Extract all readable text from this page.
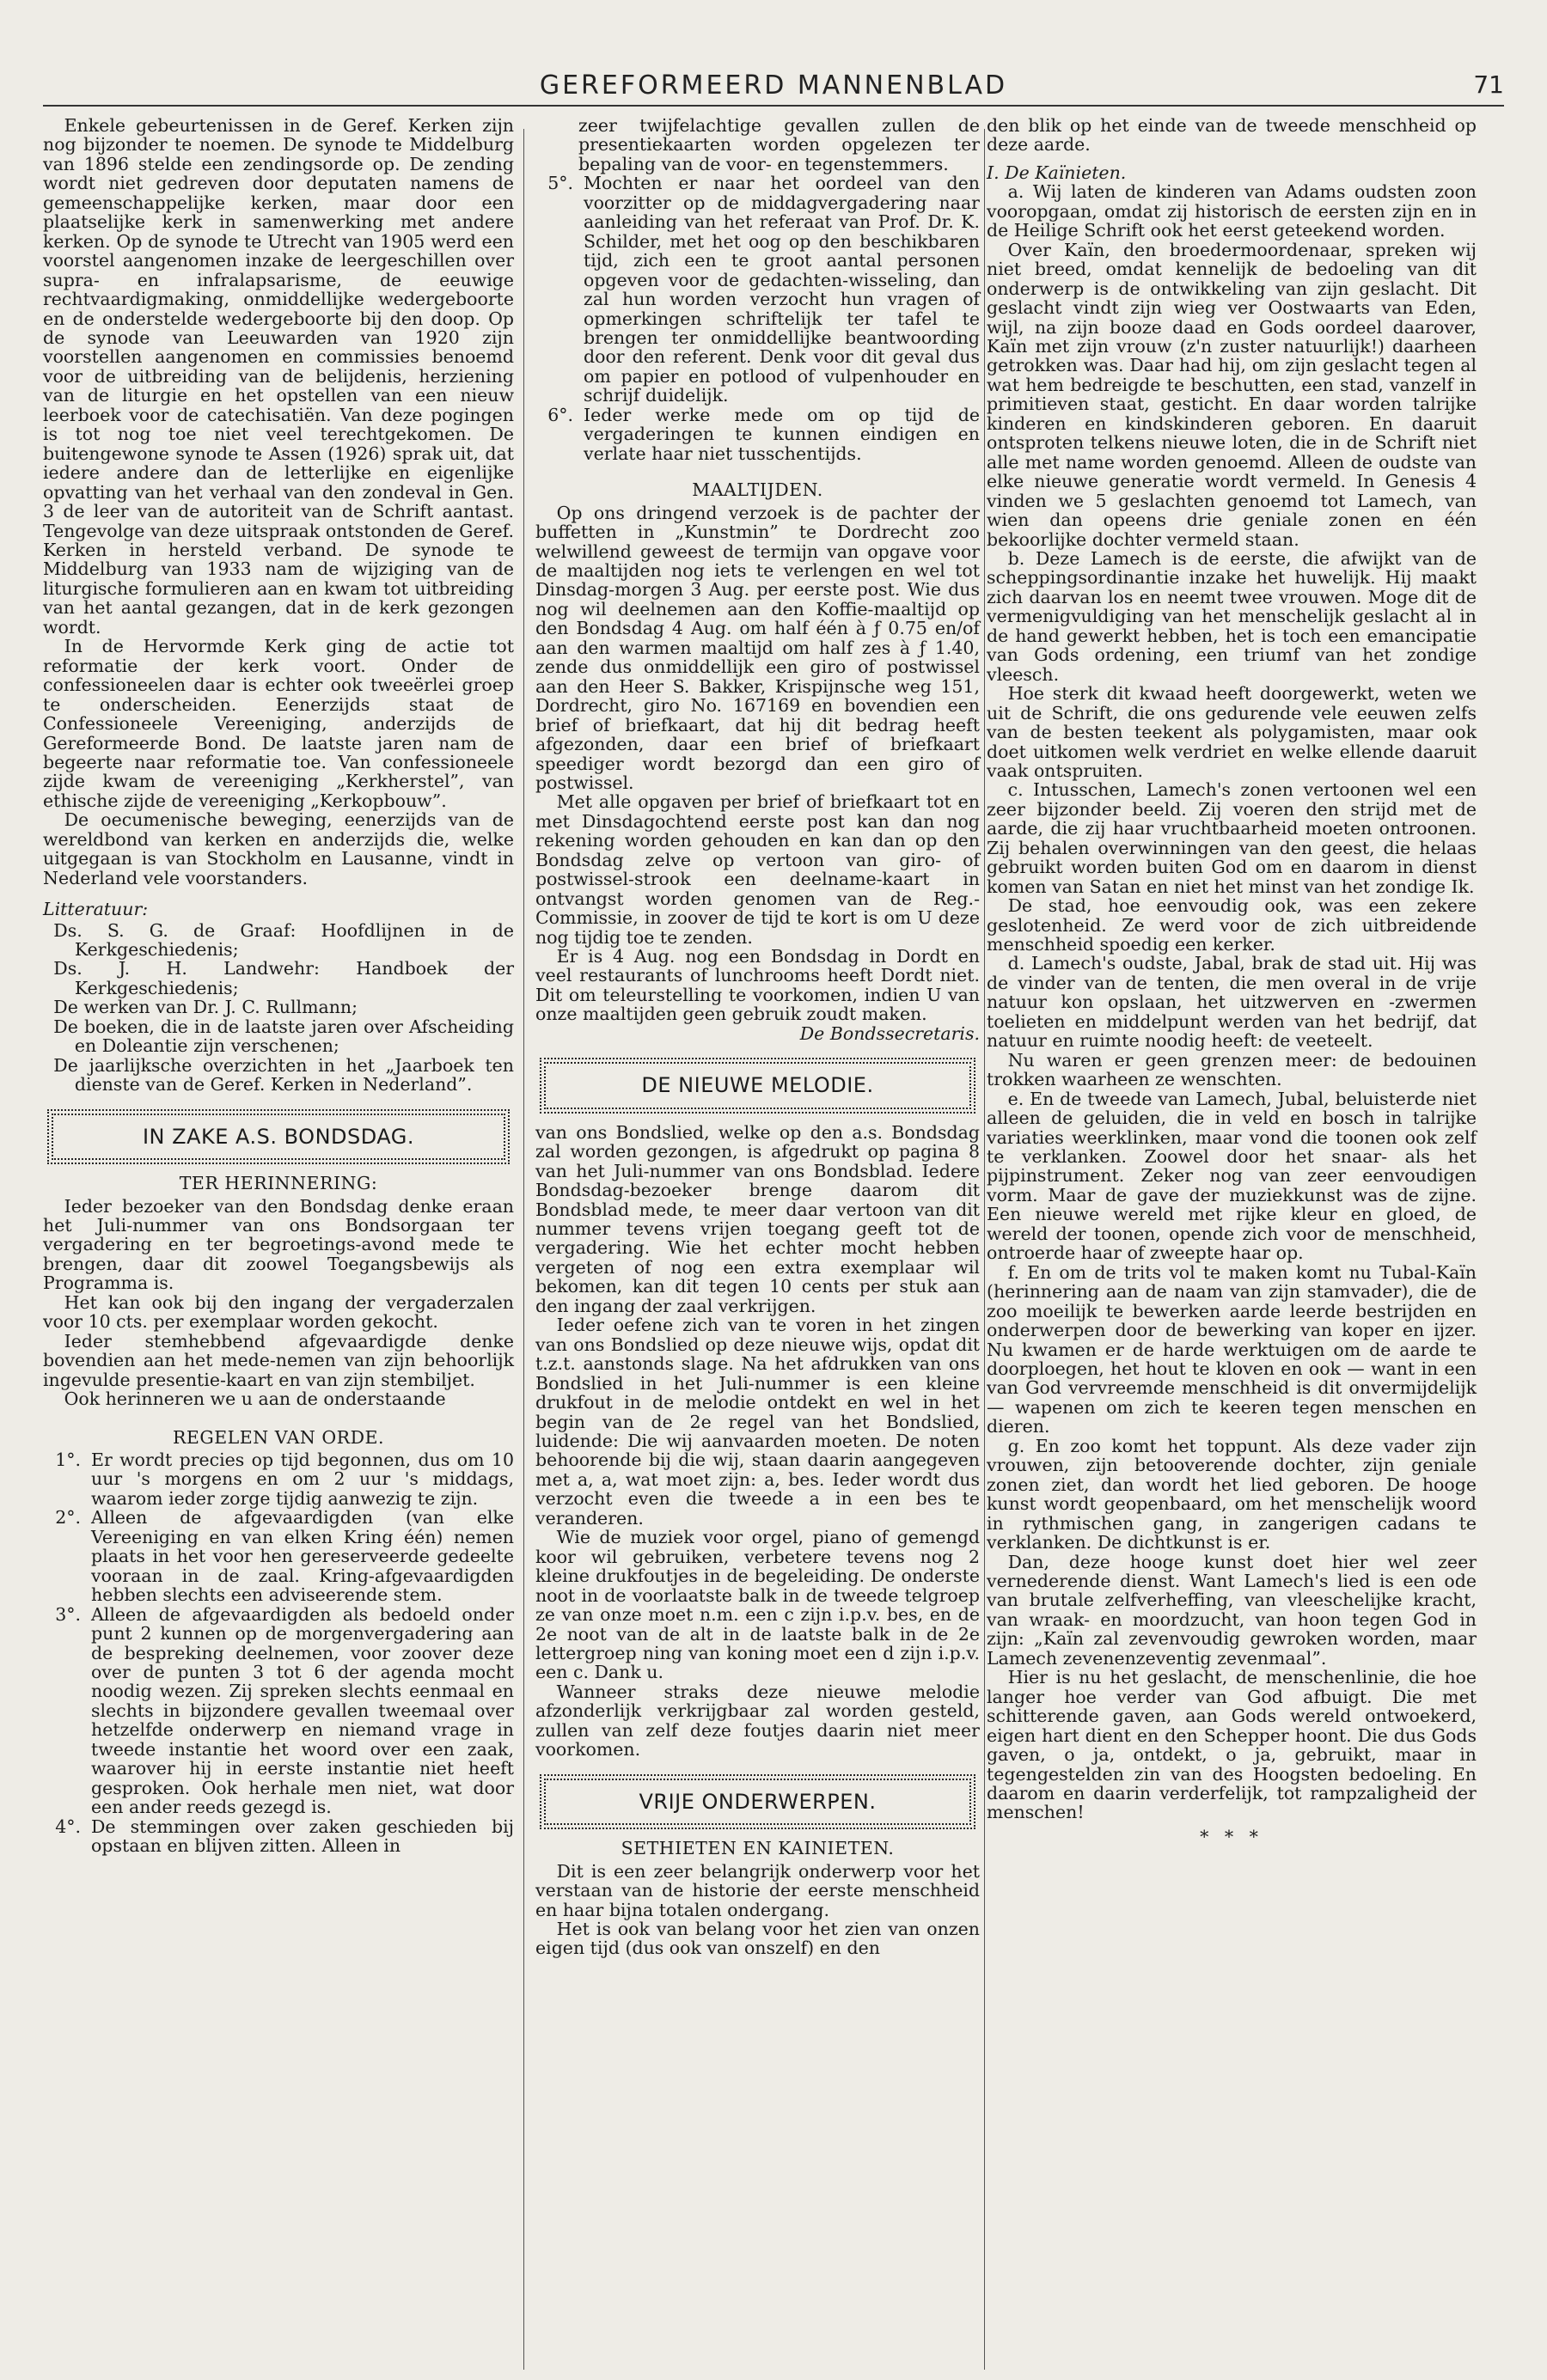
GEREFORMEERD MANNENBLAD	71

Enkele gebeurtenissen in de Geref. Kerken zijn nog bijzonder te noemen. De synode te Middelburg van 1896 stelde een zendingsorde op. De zending wordt niet gedreven door deputaten namens de gemeenschappelijke kerken, maar door een plaatselijke kerk in samenwerking met andere kerken. Op de synode te Utrecht van 1905 werd een voorstel aangenomen inzake de leergeschillen over supra- en infralapsarisme, de eeuwige rechtvaardigmaking, onmiddellijke wedergeboorte en de onderstelde wedergeboorte bij den doop. Op de synode van Leeuwarden van 1920 zijn voorstellen aangenomen en commissies benoemd voor de uitbreiding van de belijdenis, herziening van de liturgie en het opstellen van een nieuw leerboek voor de catechisatiën. Van deze pogingen is tot nog toe niet veel terechtgekomen. De buitengewone synode te Assen (1926) sprak uit, dat iedere andere dan de letterlijke en eigenlijke opvatting van het verhaal van den zondeval in Gen. 3 de leer van de autoriteit van de Schrift aantast. Tengevolge van deze uitspraak ontstonden de Geref. Kerken in hersteld verband. De synode te Middelburg van 1933 nam de wijziging van de liturgische formulieren aan en kwam tot uitbreiding van het aantal gezangen, dat in de kerk gezongen wordt.

In de Hervormde Kerk ging de actie tot reformatie der kerk voort. Onder de confessioneelen daar is echter ook tweeërlei groep te onderscheiden. Eenerzijds staat de Confessioneele Vereeniging, anderzijds de Gereformeerde Bond. De laatste jaren nam de begeerte naar reformatie toe. Van confessioneele zijde kwam de vereeniging „Kerkherstel”, van ethische zijde de vereeniging „Kerkopbouw”.

De oecumenische beweging, eenerzijds van de wereldbond van kerken en anderzijds die, welke uitgegaan is van Stockholm en Lausanne, vindt in Nederland vele voorstanders.

Litteratuur:

Ds. S. G. de Graaf: Hoofdlijnen in de Kerkgeschiedenis;

Ds. J. H. Landwehr: Handboek der Kerkgeschiedenis;

De werken van Dr. J. C. Rullmann;

De boeken, die in de laatste jaren over Afscheiding en Doleantie zijn verschenen;

De jaarlijksche overzichten in het „Jaarboek ten dienste van de Geref. Kerken in Nederland”.

IN ZAKE A.S. BONDSDAG.

TER HERINNERING:

Ieder bezoeker van den Bondsdag denke eraan het Juli-nummer van ons Bondsorgaan ter vergadering en ter begroetings-avond mede te brengen, daar dit zoowel Toegangsbewijs als Programma is.

Het kan ook bij den ingang der vergaderzalen voor 10 cts. per exemplaar worden gekocht.

Ieder stemhebbend afgevaardigde denke bovendien aan het mede-nemen van zijn behoorlijk ingevulde presentie-kaart en van zijn stembiljet.

Ook herinneren we u aan de onderstaande

REGELEN VAN ORDE.

1°. Er wordt precies op tijd begonnen, dus om 10 uur 's morgens en om 2 uur 's middags, waarom ieder zorge tijdig aanwezig te zijn.
2°. Alleen de afgevaardigden (van elke Vereeniging en van elken Kring één) nemen plaats in het voor hen gereserveerde gedeelte vooraan in de zaal. Kring-afgevaardigden hebben slechts een adviseerende stem.
3°. Alleen de afgevaardigden als bedoeld onder punt 2 kunnen op de morgenvergadering aan de bespreking deelnemen, voor zoover deze over de punten 3 tot 6 der agenda mocht noodig wezen. Zij spreken slechts eenmaal en slechts in bijzondere gevallen tweemaal over hetzelfde onderwerp en niemand vrage in tweede instantie het woord over een zaak, waarover hij in eerste instantie niet heeft gesproken. Ook herhale men niet, wat door een ander reeds gezegd is.
4°. De stemmingen over zaken geschieden bij opstaan en blijven zitten. Alleen in

zeer twijfelachtige gevallen zullen de presentiekaarten worden opgelezen ter bepaling van de voor- en tegenstemmers.

5°. Mochten er naar het oordeel van den voorzitter op de middagvergadering naar aanleiding van het referaat van Prof. Dr. K. Schilder, met het oog op den beschikbaren tijd, zich een te groot aantal personen opgeven voor de gedachten-wisseling, dan zal hun worden verzocht hun vragen of opmerkingen schriftelijk ter tafel te brengen ter onmiddellijke beantwoording door den referent. Denk voor dit geval dus om papier en potlood of vulpenhouder en schrijf duidelijk.
6°. Ieder werke mede om op tijd de vergaderingen te kunnen eindigen en verlate haar niet tusschentijds.

MAALTIJDEN.

Op ons dringend verzoek is de pachter der buffetten in „Kunstmin” te Dordrecht zoo welwillend geweest de termijn van opgave voor de maaltijden nog iets te verlengen en wel tot Dinsdag-morgen 3 Aug. per eerste post. Wie dus nog wil deelnemen aan den Koffie-maaltijd op den Bondsdag 4 Aug. om half één à ƒ 0.75 en/of aan den warmen maaltijd om half zes à ƒ 1.40, zende dus onmiddellijk een giro of postwissel aan den Heer S. Bakker, Krispijnsche weg 151, Dordrecht, giro No. 167169 en bovendien een brief of briefkaart, dat hij dit bedrag heeft afgezonden, daar een brief of briefkaart speediger wordt bezorgd dan een giro of postwissel.

Met alle opgaven per brief of briefkaart tot en met Dinsdagochtend eerste post kan dan nog rekening worden gehouden en kan dan op den Bondsdag zelve op vertoon van giro- of postwissel-strook een deelname-kaart in ontvangst worden genomen van de Reg.-Commissie, in zoover de tijd te kort is om U deze nog tijdig toe te zenden.

Er is 4 Aug. nog een Bondsdag in Dordt en veel restaurants of lunchrooms heeft Dordt niet. Dit om teleurstelling te voorkomen, indien U van onze maaltijden geen gebruik zoudt maken.

De Bondssecretaris.

DE NIEUWE MELODIE.

van ons Bondslied, welke op den a.s. Bondsdag zal worden gezongen, is afgedrukt op pagina 8 van het Juli-nummer van ons Bondsblad. Iedere Bondsdag-bezoeker brenge daarom dit Bondsblad mede, te meer daar vertoon van dit nummer tevens vrijen toegang geeft tot de vergadering. Wie het echter mocht hebben vergeten of nog een extra exemplaar wil bekomen, kan dit tegen 10 cents per stuk aan den ingang der zaal verkrijgen.

Ieder oefene zich van te voren in het zingen van ons Bondslied op deze nieuwe wijs, opdat dit t.z.t. aanstonds slage. Na het afdrukken van ons Bondslied in het Juli-nummer is een kleine drukfout in de melodie ontdekt en wel in het begin van de 2e regel van het Bondslied, luidende: Die wij aanvaarden moeten. De noten behoorende bij die wij, staan daarin aangegeven met a, a, wat moet zijn: a, bes. Ieder wordt dus verzocht even die tweede a in een bes te veranderen.

Wie de muziek voor orgel, piano of gemengd koor wil gebruiken, verbetere tevens nog 2 kleine drukfoutjes in de begeleiding. De onderste noot in de voorlaatste balk in de tweede telgroep ze van onze moet n.m. een c zijn i.p.v. bes, en de 2e noot van de alt in de laatste balk in de 2e lettergroep ning van koning moet een d zijn i.p.v. een c. Dank u.

Wanneer straks deze nieuwe melodie afzonderlijk verkrijgbaar zal worden gesteld, zullen van zelf deze foutjes daarin niet meer voorkomen.

VRIJE ONDERWERPEN.

SETHIETEN EN KAINIETEN.

Dit is een zeer belangrijk onderwerp voor het verstaan van de historie der eerste menschheid en haar bijna totalen ondergang.

Het is ook van belang voor het zien van onzen eigen tijd (dus ook van onszelf) en den

den blik op het einde van de tweede menschheid op deze aarde.

I. De Kaïnieten.

a. Wij laten de kinderen van Adams oudsten zoon vooropgaan, omdat zij historisch de eersten zijn en in de Heilige Schrift ook het eerst geteekend worden.

Over Kaïn, den broedermoordenaar, spreken wij niet breed, omdat kennelijk de bedoeling van dit onderwerp is de ontwikkeling van zijn geslacht. Dit geslacht vindt zijn wieg ver Oostwaarts van Eden, wijl, na zijn booze daad en Gods oordeel daarover, Kaïn met zijn vrouw (z'n zuster natuurlijk!) daarheen getrokken was. Daar had hij, om zijn geslacht tegen al wat hem bedreigde te beschutten, een stad, vanzelf in primitieven staat, gesticht. En daar worden talrijke kinderen en kindskinderen geboren. En daaruit ontsproten telkens nieuwe loten, die in de Schrift niet alle met name worden genoemd. Alleen de oudste van elke nieuwe generatie wordt vermeld. In Genesis 4 vinden we 5 geslachten genoemd tot Lamech, van wien dan opeens drie geniale zonen en één bekoorlijke dochter vermeld staan.

b. Deze Lamech is de eerste, die afwijkt van de scheppingsordinantie inzake het huwelijk. Hij maakt zich daarvan los en neemt twee vrouwen. Moge dit de vermenigvuldiging van het menschelijk geslacht al in de hand gewerkt hebben, het is toch een emancipatie van Gods ordening, een triumf van het zondige vleesch.

Hoe sterk dit kwaad heeft doorgewerkt, weten we uit de Schrift, die ons gedurende vele eeuwen zelfs van de besten teekent als polygamisten, maar ook doet uitkomen welk verdriet en welke ellende daaruit vaak ontspruiten.

c. Intusschen, Lamech's zonen vertoonen wel een zeer bijzonder beeld. Zij voeren den strijd met de aarde, die zij haar vruchtbaarheid moeten ontroonen. Zij behalen overwinningen van den geest, die helaas gebruikt worden buiten God om en daarom in dienst komen van Satan en niet het minst van het zondige Ik.

De stad, hoe eenvoudig ook, was een zekere geslotenheid. Ze werd voor de zich uitbreidende menschheid spoedig een kerker.

d. Lamech's oudste, Jabal, brak de stad uit. Hij was de vinder van de tenten, die men overal in de vrije natuur kon opslaan, het uitzwerven en -zwermen toelieten en middelpunt werden van het bedrijf, dat natuur en ruimte noodig heeft: de veeteelt.

Nu waren er geen grenzen meer: de bedouinen trokken waarheen ze wenschten.

e. En de tweede van Lamech, Jubal, beluisterde niet alleen de geluiden, die in veld en bosch in talrijke variaties weerklinken, maar vond die toonen ook zelf te verklanken. Zoowel door het snaar- als het pijpinstrument. Zeker nog van zeer eenvoudigen vorm. Maar de gave der muziekkunst was de zijne. Een nieuwe wereld met rijke kleur en gloed, de wereld der toonen, opende zich voor de menschheid, ontroerde haar of zweepte haar op.

f. En om de trits vol te maken komt nu Tubal-Kaïn (herinnering aan de naam van zijn stamvader), die de zoo moeilijk te bewerken aarde leerde bestrijden en onderwerpen door de bewerking van koper en ijzer. Nu kwamen er de harde werktuigen om de aarde te doorploegen, het hout te kloven en ook — want in een van God vervreemde menschheid is dit onvermijdelijk — wapenen om zich te keeren tegen menschen en dieren.

g. En zoo komt het toppunt. Als deze vader zijn vrouwen, zijn betooverende dochter, zijn geniale zonen ziet, dan wordt het lied geboren. De hooge kunst wordt geopenbaard, om het menschelijk woord in rythmischen gang, in zangerigen cadans te verklanken. De dichtkunst is er.

Dan, deze hooge kunst doet hier wel zeer vernederende dienst. Want Lamech's lied is een ode van brutale zelfverheffing, van vleeschelijke kracht, van wraak- en moordzucht, van hoon tegen God in zijn: „Kaïn zal zevenvoudig gewroken worden, maar Lamech zevenenzeventig zevenmaal”.

Hier is nu het geslacht, de menschenlinie, die hoe langer hoe verder van God afbuigt. Die met schitterende gaven, aan Gods wereld ontwoekerd, eigen hart dient en den Schepper hoont. Die dus Gods gaven, o ja, ontdekt, o ja, gebruikt, maar in tegengestelden zin van des Hoogsten bedoeling. En daarom en daarin verderfelijk, tot rampzaligheid der menschen!

* * *
